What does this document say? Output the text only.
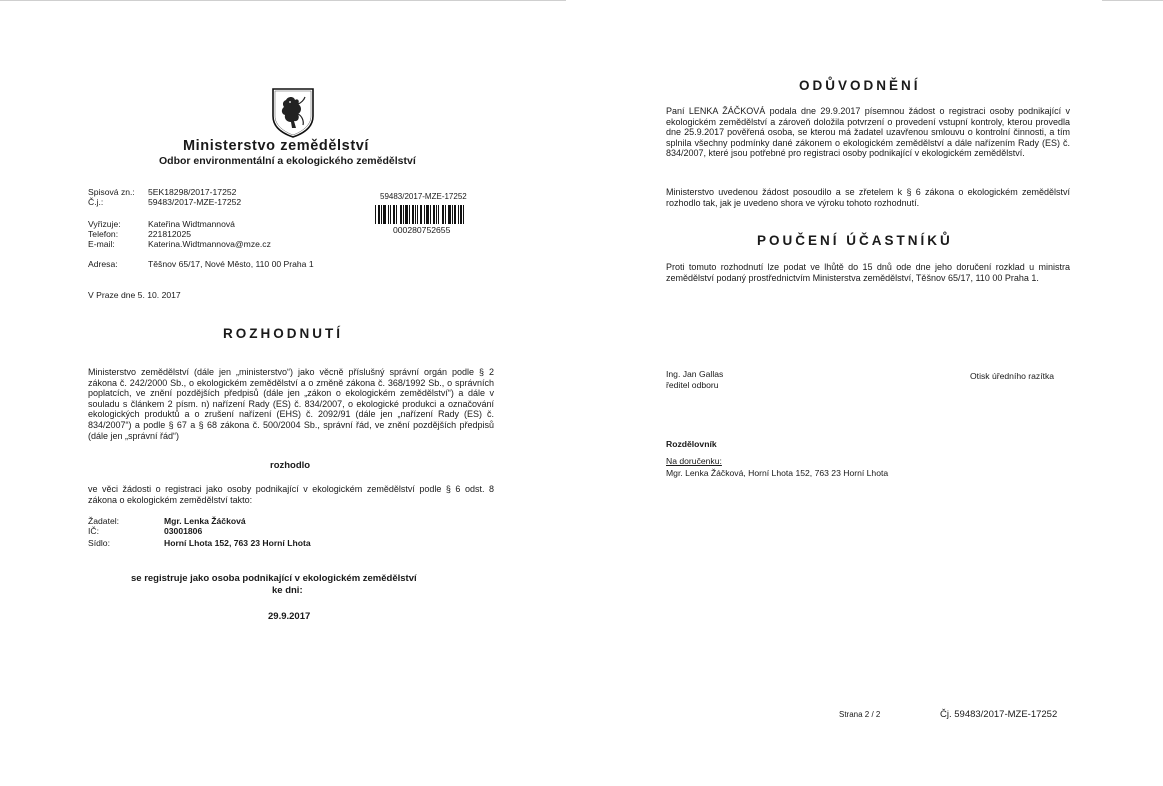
Ministerstvo zemědělství
Odbor environmentální a ekologického zemědělství
Spisová zn.: 5EK18298/2017-17252
Č.j.:	59483/2017-MZE-17252
59483/2017-MZE-17252
000280752655
Vyřizuje:	Kateřina Widtmannová
Telefon:	221812025
E-mail:	Katerina.Widtmannova@mze.cz
Adresa:	Těšnov 65/17, Nové Město, 110 00 Praha 1
V Praze dne 5. 10. 2017
ROZHODNUTÍ
Ministerstvo zemědělství (dále jen „ministerstvo“) jako věcně příslušný správní orgán podle § 2 zákona č. 242/2000 Sb., o ekologickém zemědělství a o změně zákona č. 368/1992 Sb., o správních poplatcích, ve znění pozdějších předpisů (dále jen „zákon o ekologickém zemědělství“) a dále v souladu s článkem 2 písm. n) nařízení Rady (ES) č. 834/2007, o ekologické produkci a označování ekologických produktů a o zrušení nařízení (EHS) č. 2092/91 (dále jen „nařízení Rady (ES) č. 834/2007“) a podle § 67 a § 68 zákona č. 500/2004 Sb., správní řád, ve znění pozdějších předpisů (dále jen „správní řád“)
rozhodlo
ve věci žádosti o registraci jako osoby podnikající v ekologickém zemědělství podle § 6 odst. 8 zákona o ekologickém zemědělství takto:
Žadatel:	Mgr. Lenka Žáčková
IČ:	03001806
Sídlo:	Horní Lhota 152, 763 23 Horní Lhota
se registruje jako osoba podnikající v ekologickém zemědělství
ke dni:
29.9.2017
ODŮVODNĚNÍ
Paní LENKA ŽÁČKOVÁ podala dne 29.9.2017 písemnou žádost o registraci osoby podnikající v ekologickém zemědělství a zároveň doložila potvrzení o provedení vstupní kontroly, kterou provedla dne 25.9.2017 pověřená osoba, se kterou má žadatel uzavřenou smlouvu o kontrolní činnosti, a tím splnila všechny podmínky dané zákonem o ekologickém zemědělství a dále nařízením Rady (ES) č. 834/2007, které jsou potřebné pro registraci osoby podnikající v ekologickém zemědělství.
Ministerstvo uvedenou žádost posoudilo a se zřetelem k § 6 zákona o ekologickém zemědělství rozhodlo tak, jak je uvedeno shora ve výroku tohoto rozhodnutí.
POUČENÍ ÚČASTNÍKŮ
Proti tomuto rozhodnutí lze podat ve lhůtě do 15 dnů ode dne jeho doručení rozklad u ministra zemědělství podaný prostřednictvím Ministerstva zemědělství, Těšnov 65/17, 110 00 Praha 1.
Ing. Jan Gallas
ředitel odboru
Otisk úředního razítka
Rozdělovník
Na doručenku:
Mgr. Lenka Žáčková, Horní Lhota 152, 763 23 Horní Lhota
Strana 2 / 2	Čj. 59483/2017-MZE-17252
